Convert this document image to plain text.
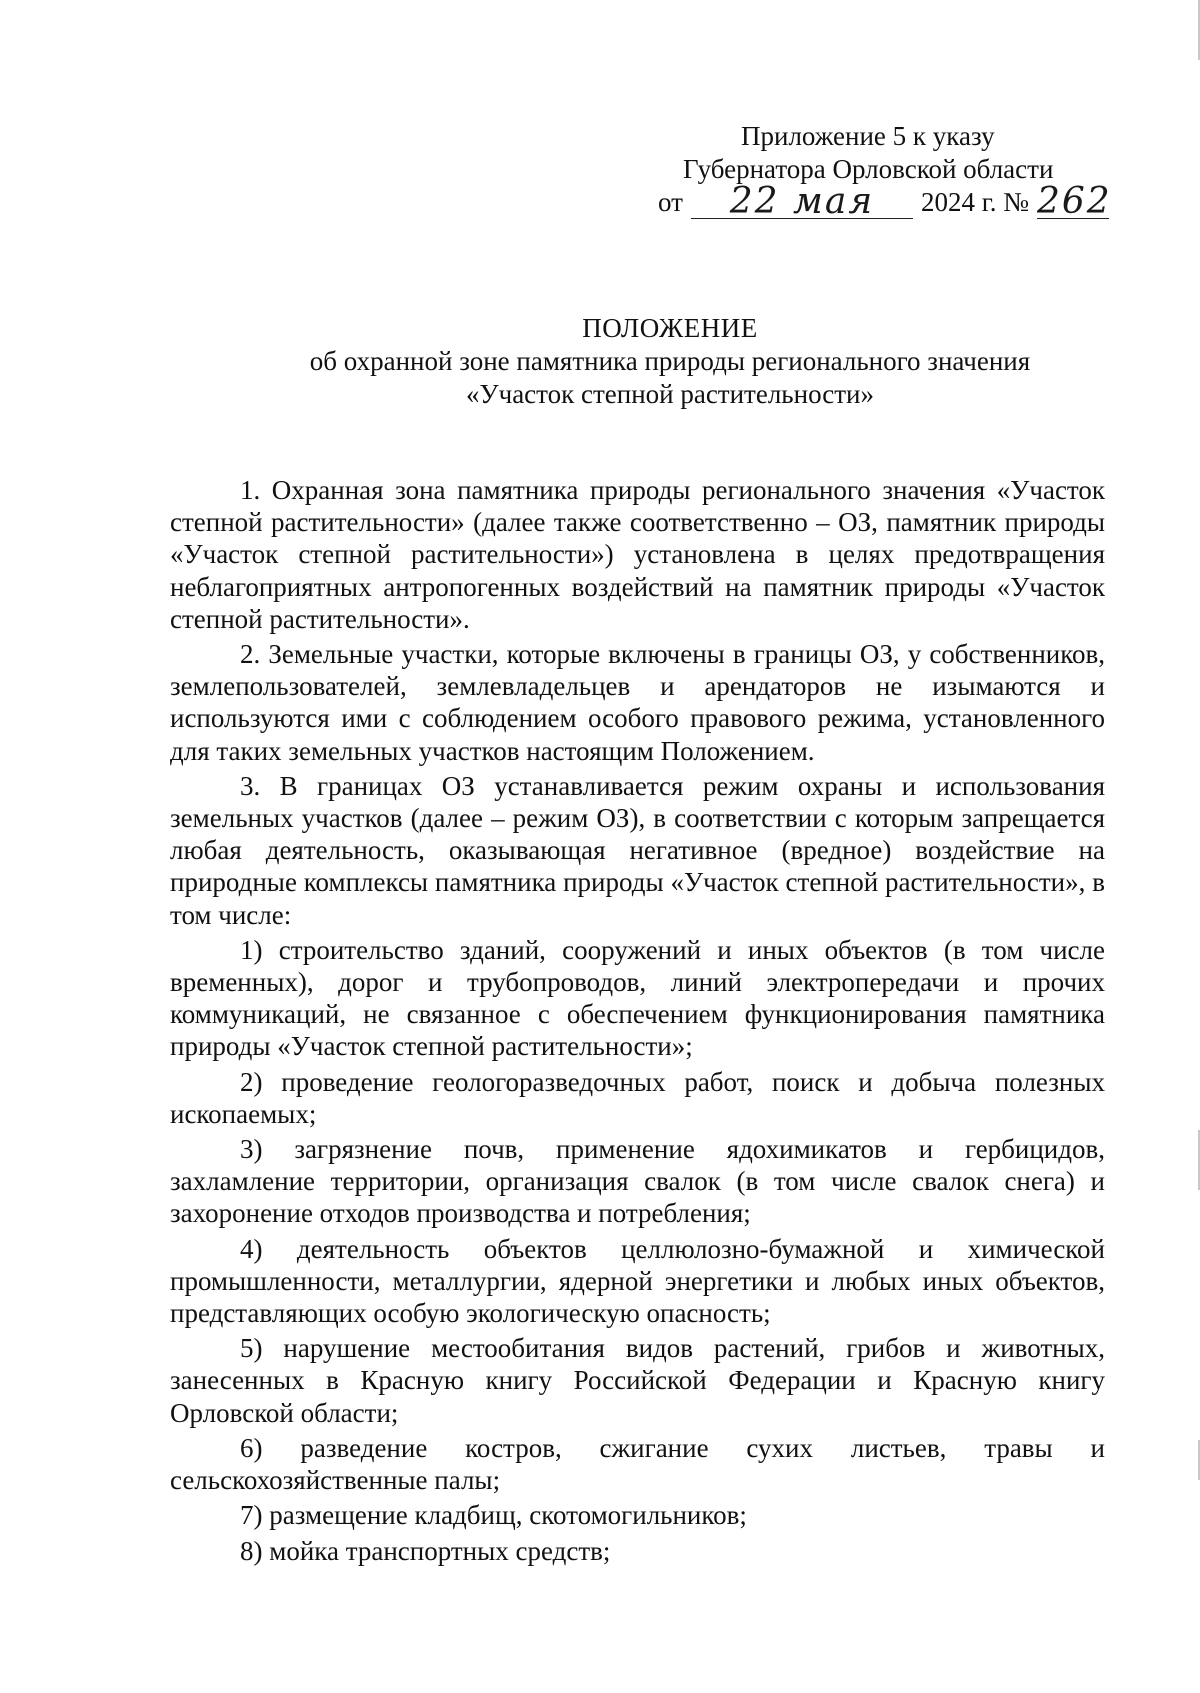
Приложение 5 к указу
Губернатора Орловской области
от	22 мая	2024 г. № 262
ПОЛОЖЕНИЕ
об охранной зоне памятника природы регионального значения
«Участок степной растительности»

1. Охранная зона памятника природы регионального значения «Участок степной растительности» (далее также соответственно – ОЗ, памятник природы «Участок степной растительности») установлена в целях предотвращения неблагоприятных антропогенных воздействий на памятник природы «Участок степной растительности».

2. Земельные участки, которые включены в границы ОЗ, у собственников, землепользователей, землевладельцев и арендаторов не изымаются и используются ими с соблюдением особого правового режима, установленного для таких земельных участков настоящим Положением.

3. В границах ОЗ устанавливается режим охраны и использования земельных участков (далее – режим ОЗ), в соответствии с которым запрещается любая деятельность, оказывающая негативное (вредное) воздействие на природные комплексы памятника природы «Участок степной растительности», в том числе:

1) строительство зданий, сооружений и иных объектов (в том числе временных), дорог и трубопроводов, линий электропередачи и прочих коммуникаций, не связанное с обеспечением функционирования памятника природы «Участок степной растительности»;

2) проведение геологоразведочных работ, поиск и добыча полезных ископаемых;

3) загрязнение почв, применение ядохимикатов и гербицидов, захламление территории, организация свалок (в том числе свалок снега) и захоронение отходов производства и потребления;

4) деятельность объектов целлюлозно-бумажной и химической промышленности, металлургии, ядерной энергетики и любых иных объектов, представляющих особую экологическую опасность;

5) нарушение местообитания видов растений, грибов и животных, занесенных в Красную книгу Российской Федерации и Красную книгу Орловской области;

6) разведение костров, сжигание сухих листьев, травы и сельскохозяйственные палы;

7) размещение кладбищ, скотомогильников;

8) мойка транспортных средств;
